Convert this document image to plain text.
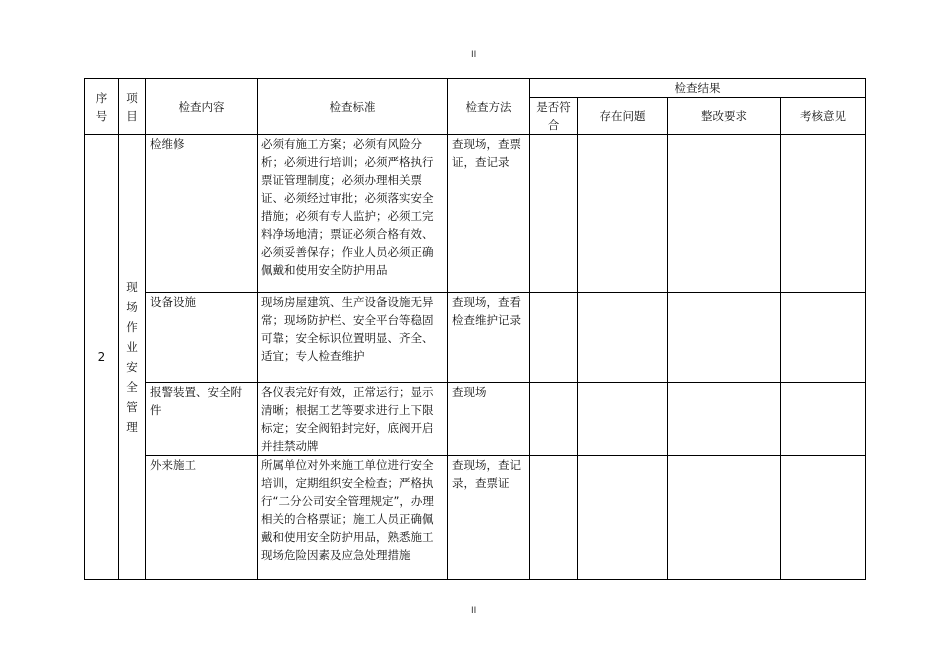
II
序号	项目	检查内容	检查标准	检查方法	检查结果			
					是否符合	存在问题	整改要求	考核意见
2	现场作业安全管理	检维修	必须有施工方案；必须有风险分析；必须进行培训；必须严格执行票证管理制度；必须办理相关票证、必须经过审批；必须落实安全措施；必须有专人监护；必须工完料净场地清；票证必须合格有效、必须妥善保存；作业人员必须正确佩戴和使用安全防护用品	查现场，查票证，查记录				
		设备设施	现场房屋建筑、生产设备设施无异常；现场防护栏、安全平台等稳固可靠；安全标识位置明显、齐全、适宜；专人检查维护	查现场，查看检查维护记录				
		报警装置、安全附件	各仪表完好有效，正常运行；显示清晰；根据工艺等要求进行上下限标定；安全阀铅封完好，底阀开启并挂禁动牌	查现场				
		外来施工	所属单位对外来施工单位进行安全培训，定期组织安全检查；严格执行“二分公司安全管理规定”，办理相关的合格票证；施工人员正确佩戴和使用安全防护用品，熟悉施工现场危险因素及应急处理措施	查现场，查记录，查票证				
II
